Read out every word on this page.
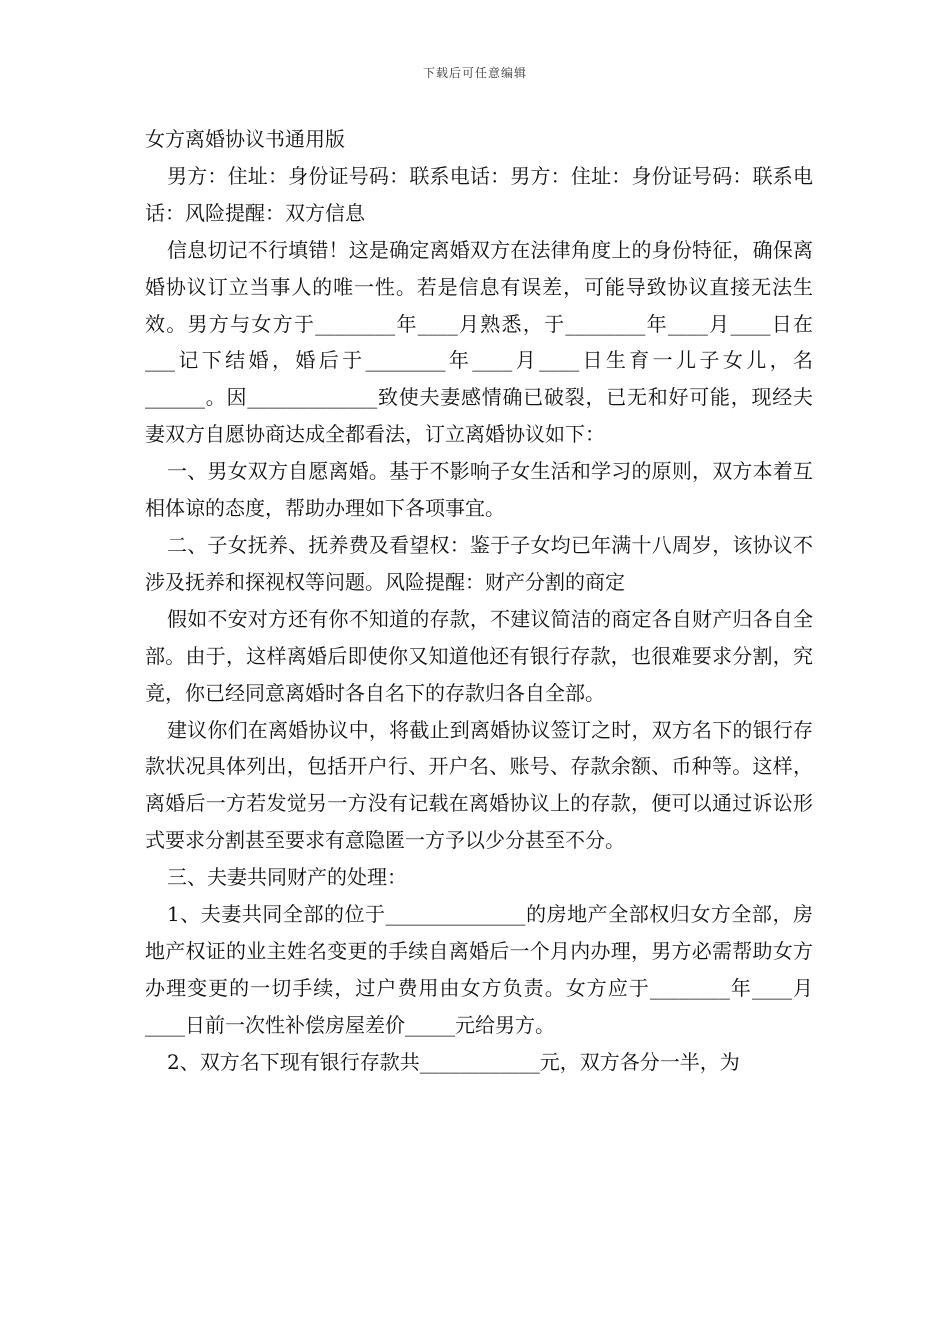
下载后可任意编辑

女方离婚协议书通用版

男方：住址：身份证号码：联系电话：男方：住址：身份证号码：联系电话：风险提醒：双方信息

信息切记不行填错！这是确定离婚双方在法律角度上的身份特征，确保离婚协议订立当事人的唯一性。若是信息有误差，可能导致协议直接无法生效。男方与女方于________年____月熟悉，于________年____月____日在___记下结婚，婚后于________年____月____日生育一儿子女儿，名______。因_____________致使夫妻感情确已破裂，已无和好可能，现经夫妻双方自愿协商达成全都看法，订立离婚协议如下：

一、男女双方自愿离婚。基于不影响子女生活和学习的原则，双方本着互相体谅的态度，帮助办理如下各项事宜。

二、子女抚养、抚养费及看望权：鉴于子女均已年满十八周岁，该协议不涉及抚养和探视权等问题。风险提醒：财产分割的商定

假如不安对方还有你不知道的存款，不建议简洁的商定各自财产归各自全部。由于，这样离婚后即使你又知道他还有银行存款，也很难要求分割，究竟，你已经同意离婚时各自名下的存款归各自全部。

建议你们在离婚协议中，将截止到离婚协议签订之时，双方名下的银行存款状况具体列出，包括开户行、开户名、账号、存款余额、币种等。这样，离婚后一方若发觉另一方没有记载在离婚协议上的存款，便可以通过诉讼形式要求分割甚至要求有意隐匿一方予以少分甚至不分。

三、夫妻共同财产的处理：

1、夫妻共同全部的位于______________的房地产全部权归女方全部，房地产权证的业主姓名变更的手续自离婚后一个月内办理，男方必需帮助女方办理变更的一切手续，过户费用由女方负责。女方应于________年____月____日前一次性补偿房屋差价_____元给男方。

2、双方名下现有银行存款共____________元，双方各分一半，为
